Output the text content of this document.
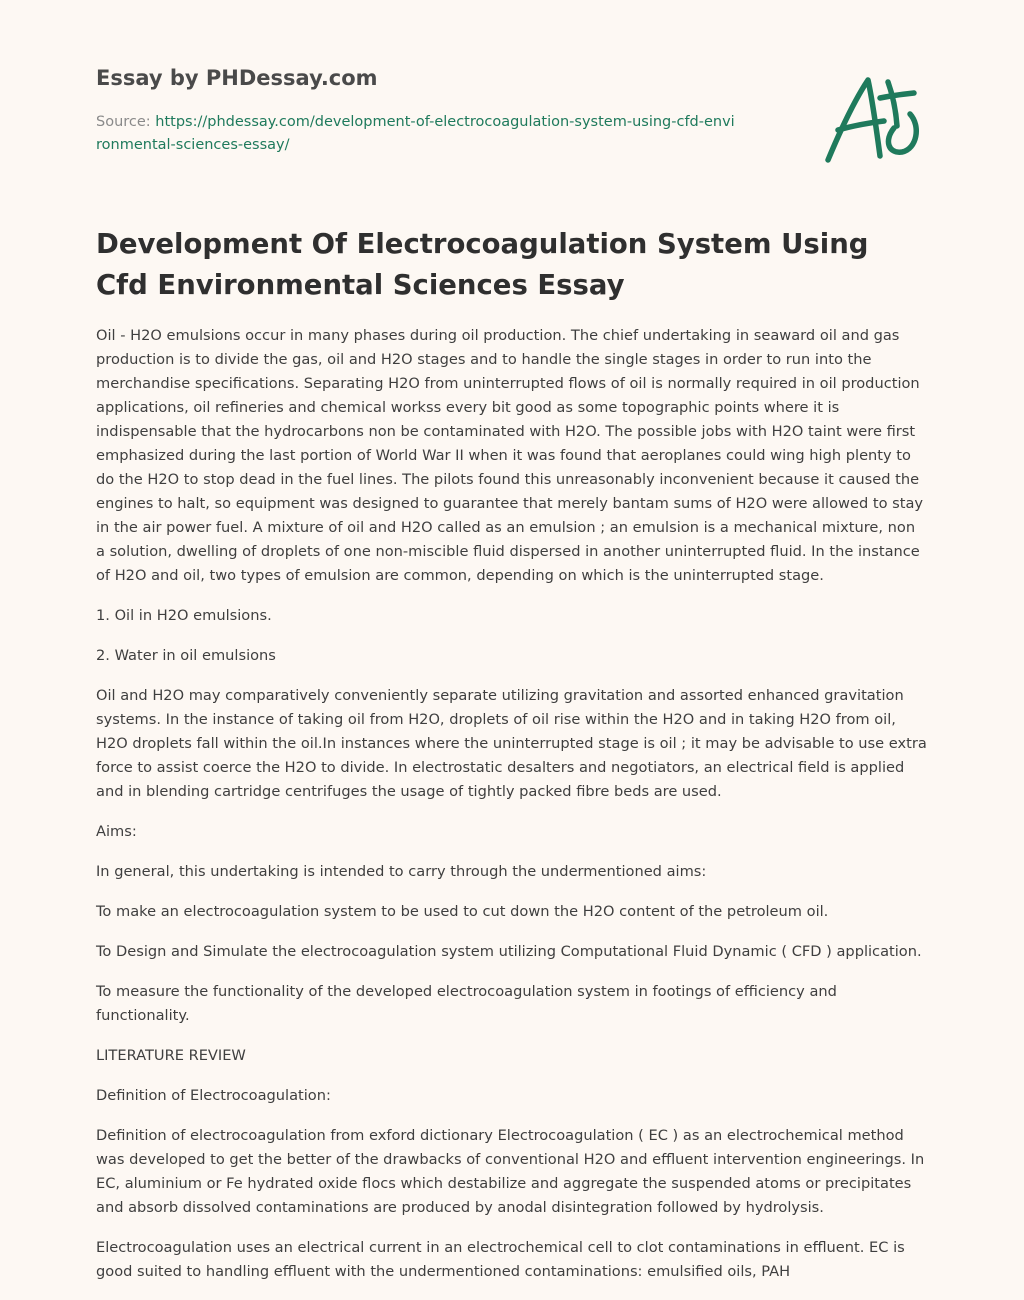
Essay by PHDessay.com

Source: https://phdessay.com/development-of-electrocoagulation-system-using-cfd-environmental-sciences-essay/

Development Of Electrocoagulation System Using Cfd Environmental Sciences Essay

Oil - H2O emulsions occur in many phases during oil production. The chief undertaking in seaward oil and gas production is to divide the gas, oil and H2O stages and to handle the single stages in order to run into the merchandise specifications. Separating H2O from uninterrupted flows of oil is normally required in oil production applications, oil refineries and chemical workss every bit good as some topographic points where it is indispensable that the hydrocarbons non be contaminated with H2O. The possible jobs with H2O taint were first emphasized during the last portion of World War II when it was found that aeroplanes could wing high plenty to do the H2O to stop dead in the fuel lines. The pilots found this unreasonably inconvenient because it caused the engines to halt, so equipment was designed to guarantee that merely bantam sums of H2O were allowed to stay in the air power fuel. A mixture of oil and H2O called as an emulsion ; an emulsion is a mechanical mixture, non a solution, dwelling of droplets of one non-miscible fluid dispersed in another uninterrupted fluid. In the instance of H2O and oil, two types of emulsion are common, depending on which is the uninterrupted stage.

1. Oil in H2O emulsions.

2. Water in oil emulsions

Oil and H2O may comparatively conveniently separate utilizing gravitation and assorted enhanced gravitation systems. In the instance of taking oil from H2O, droplets of oil rise within the H2O and in taking H2O from oil, H2O droplets fall within the oil.In instances where the uninterrupted stage is oil ; it may be advisable to use extra force to assist coerce the H2O to divide. In electrostatic desalters and negotiators, an electrical field is applied and in blending cartridge centrifuges the usage of tightly packed fibre beds are used.

Aims:

In general, this undertaking is intended to carry through the undermentioned aims:

To make an electrocoagulation system to be used to cut down the H2O content of the petroleum oil.

To Design and Simulate the electrocoagulation system utilizing Computational Fluid Dynamic ( CFD ) application.

To measure the functionality of the developed electrocoagulation system in footings of efficiency and functionality.

LITERATURE REVIEW

Definition of Electrocoagulation:

Definition of electrocoagulation from exford dictionary Electrocoagulation ( EC ) as an electrochemical method was developed to get the better of the drawbacks of conventional H2O and effluent intervention engineerings. In EC, aluminium or Fe hydrated oxide flocs which destabilize and aggregate the suspended atoms or precipitates and absorb dissolved contaminations are produced by anodal disintegration followed by hydrolysis.

Electrocoagulation uses an electrical current in an electrochemical cell to clot contaminations in effluent. EC is good suited to handling effluent with the undermentioned contaminations: emulsified oils, PAH
